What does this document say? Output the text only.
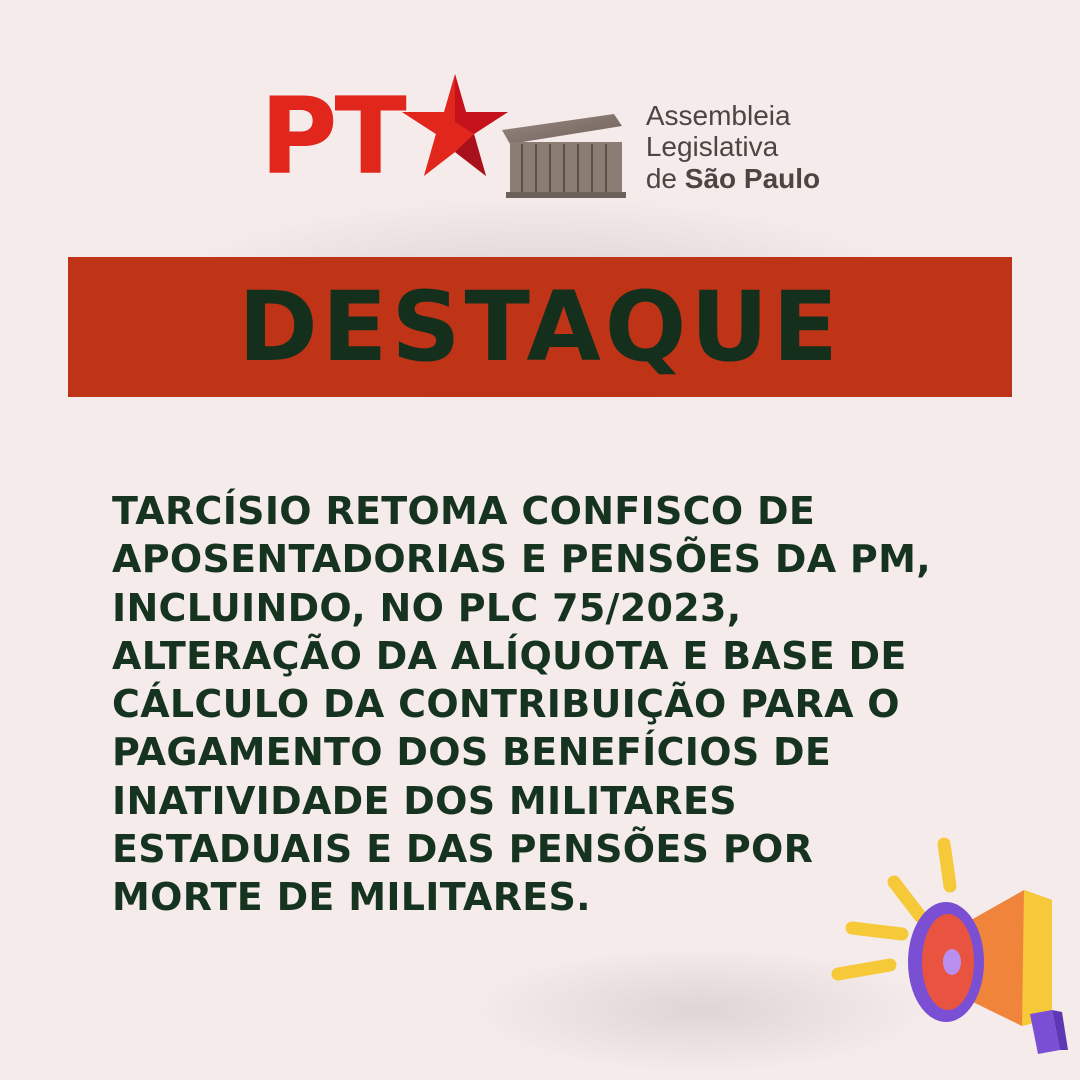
PT	Assembleia
Legislativa
de São Paulo
DESTAQUE
TARCÍSIO RETOMA CONFISCO DE APOSENTADORIAS E PENSÕES DA PM, INCLUINDO, NO PLC 75/2023,  ALTERAÇÃO DA ALÍQUOTA E BASE DE CÁLCULO DA CONTRIBUIÇÃO PARA O PAGAMENTO DOS BENEFÍCIOS DE INATIVIDADE DOS MILITARES ESTADUAIS E DAS PENSÕES POR MORTE DE MILITARES.
